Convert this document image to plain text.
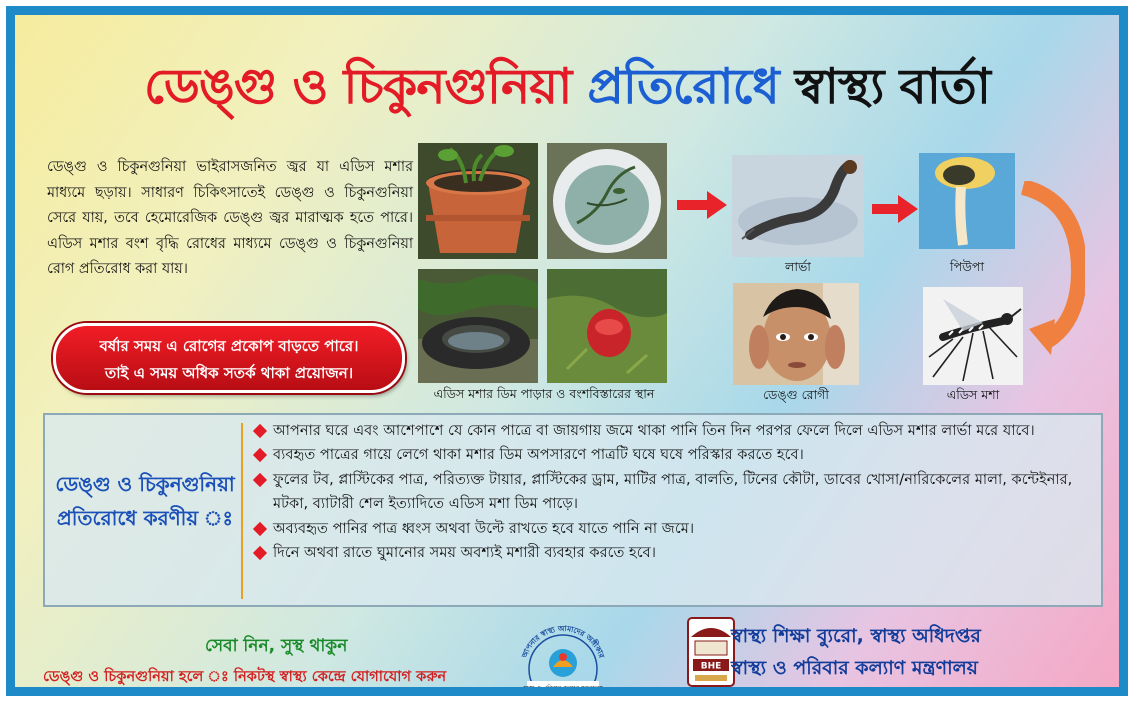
ডেঙ্গু ও চিকুনগুনিয়া প্রতিরোধে স্বাস্থ্য বার্তা

ডেঙ্গু ও চিকুনগুনিয়া ভাইরাসজনিত জ্বর যা এডিস মশার মাধ্যমে ছড়ায়। সাধারণ চিকিৎসাতেই ডেঙ্গু ও চিকুনগুনিয়া সেরে যায়, তবে হেমোরেজিক ডেঙ্গু জ্বর মারাত্মক হতে পারে। এডিস মশার বংশ বৃদ্ধি রোধের মাধ্যমে ডেঙ্গু ও চিকুনগুনিয়া রোগ প্রতিরোধ করা যায়।

বর্ষার সময় এ রোগের প্রকোপ বাড়তে পারে।
তাই এ সময় অধিক সতর্ক থাকা প্রয়োজন।
এডিস মশার ডিম পাড়ার ও বংশবিস্তারের স্থান
লার্ভা	পিউপা
ডেঙ্গু রোগী	এডিস মশা
ডেঙ্গু ও চিকুনগুনিয়া
প্রতিরোধে করণীয় ঃ
আপনার ঘরে এবং আশেপাশে যে কোন পাত্রে বা জায়গায় জমে থাকা পানি তিন দিন পরপর ফেলে দিলে এডিস মশার লার্ভা মরে যাবে।
ব্যবহৃত পাত্রের গায়ে লেগে থাকা মশার ডিম অপসারণে পাত্রটি ঘষে ঘষে পরিস্কার করতে হবে।
ফুলের টব, প্লাস্টিকের পাত্র, পরিত্যক্ত টায়ার, প্লাস্টিকের ড্রাম, মাটির পাত্র, বালতি, টিনের কৌটা, ডাবের খোসা/নারিকেলের মালা, কন্টেইনার, মটকা, ব্যাটারী শেল ইত্যাদিতে এডিস মশা ডিম পাড়ে।
অব্যবহৃত পানির পাত্র ধ্বংস অথবা উল্টে রাখতে হবে যাতে পানি না জমে।
দিনে অথবা রাতে ঘুমানোর সময় অবশ্যই মশারী ব্যবহার করতে হবে।
সেবা নিন, সুস্থ থাকুন
ডেঙ্গু ও চিকুনগুনিয়া হলে ঃ নিকটস্থ স্বাস্থ্য কেন্দ্রে যোগাযোগ করুন
আপনার স্বাস্থ্য আমাদের অঙ্গীকার
স্বাস্থ্য ও পরিবার কল্যাণ মন্ত্রণালয়
BHE
স্বাস্থ্য শিক্ষা ব্যুরো, স্বাস্থ্য অধিদপ্তর
স্বাস্থ্য ও পরিবার কল্যাণ মন্ত্রণালয়
